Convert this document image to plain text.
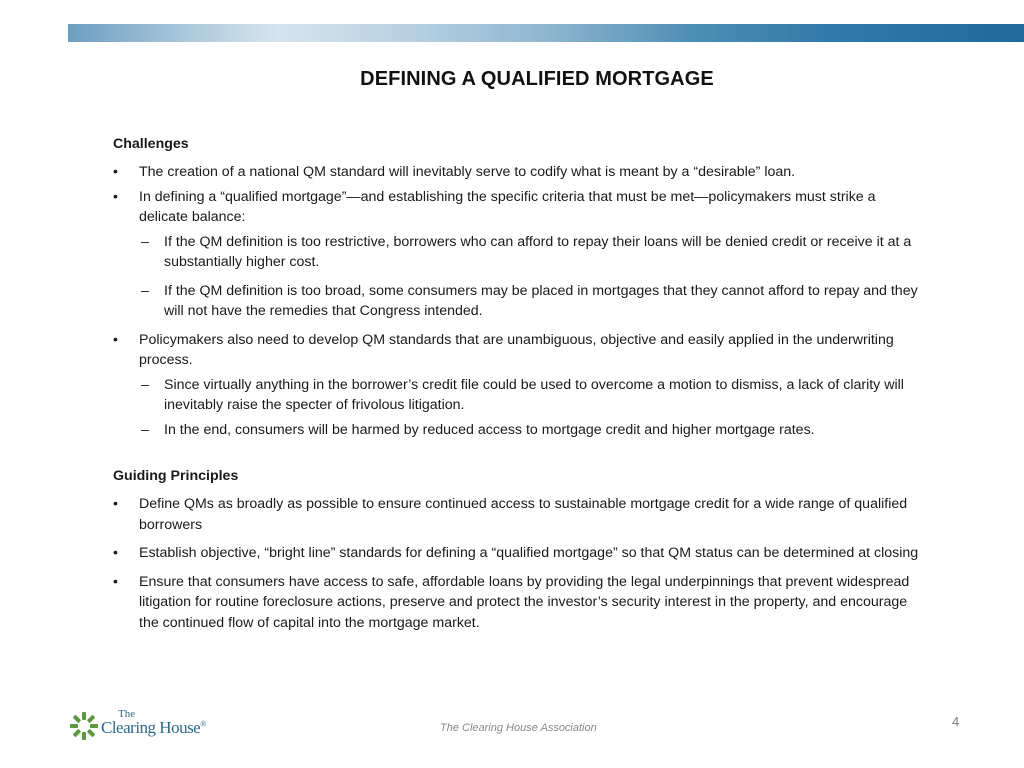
DEFINING A QUALIFIED MORTGAGE
Challenges
•	The creation of a national QM standard will inevitably serve to codify what is meant by a “desirable” loan.
•	In defining a “qualified mortgage”—and establishing the specific criteria that must be met—policymakers must strike a delicate balance:
– If the QM definition is too restrictive, borrowers who can afford to repay their loans will be denied credit or receive it at a substantially higher cost.
– If the QM definition is too broad, some consumers may be placed in mortgages that they cannot afford to repay and they will not have the remedies that Congress intended.
•	Policymakers also need to develop QM standards that are unambiguous, objective and easily applied in the underwriting process.
– Since virtually anything in the borrower’s credit file could be used to overcome a motion to dismiss, a lack of clarity will inevitably raise the specter of frivolous litigation.
– In the end, consumers will be harmed by reduced access to mortgage credit and higher mortgage rates.
Guiding Principles
•	Define QMs as broadly as possible to ensure continued access to sustainable mortgage credit for a wide range of qualified borrowers
•	Establish objective, “bright line” standards for defining a “qualified mortgage” so that QM status can be determined at closing
•	Ensure that consumers have access to safe, affordable loans by providing the legal underpinnings that prevent widespread litigation for routine foreclosure actions, preserve and protect the investor’s security interest in the property, and encourage the continued flow of capital into the mortgage market.
The
Clearing House®	The Clearing House Association	4
